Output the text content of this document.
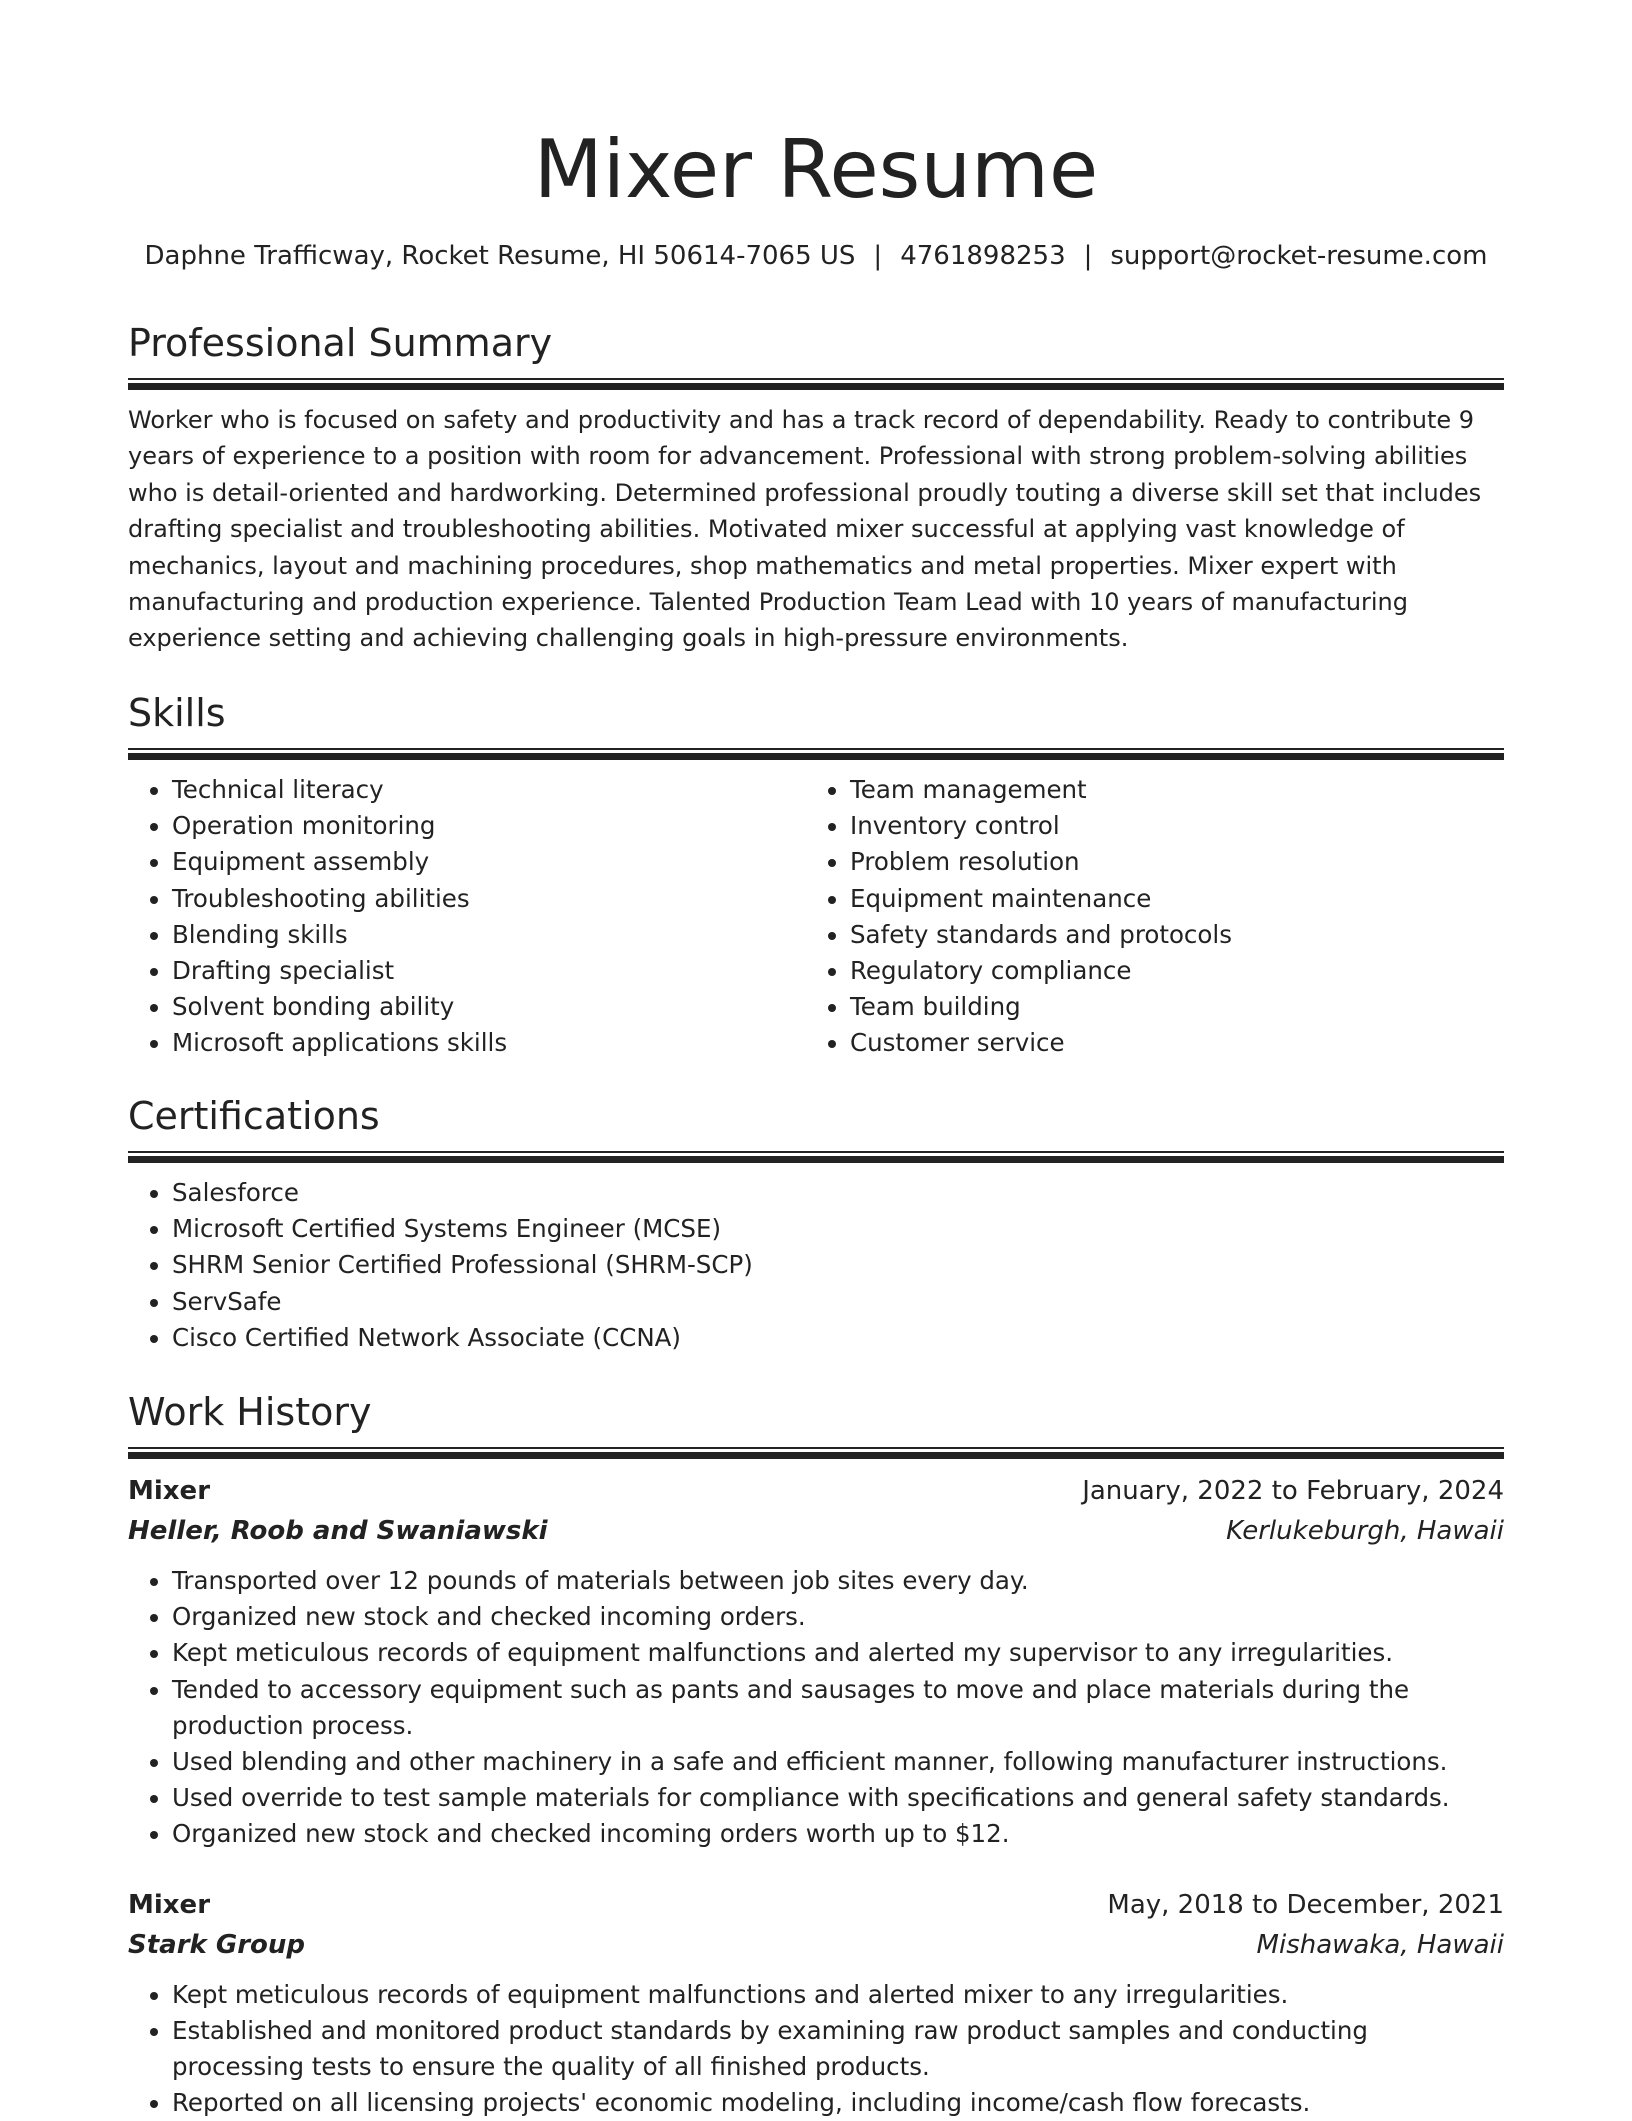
Mixer Resume
Daphne Trafficway, Rocket Resume, HI 50614-7065 US | 4761898253 | support@rocket-resume.com
Professional Summary

Worker who is focused on safety and productivity and has a track record of dependability. Ready to contribute 9 years of experience to a position with room for advancement. Professional with strong problem-solving abilities who is detail-oriented and hardworking. Determined professional proudly touting a diverse skill set that includes drafting specialist and troubleshooting abilities. Motivated mixer successful at applying vast knowledge of mechanics, layout and machining procedures, shop mathematics and metal properties. Mixer expert with manufacturing and production experience. Talented Production Team Lead with 10 years of manufacturing experience setting and achieving challenging goals in high-pressure environments.

Skills
• Technical literacy
• Operation monitoring
• Equipment assembly
• Troubleshooting abilities
• Blending skills
• Drafting specialist
• Solvent bonding ability
• Microsoft applications skills
• Team management
• Inventory control
• Problem resolution
• Equipment maintenance
• Safety standards and protocols
• Regulatory compliance
• Team building
• Customer service
Certifications
• Salesforce
• Microsoft Certified Systems Engineer (MCSE)
• SHRM Senior Certified Professional (SHRM-SCP)
• ServSafe
• Cisco Certified Network Associate (CCNA)
Work History
Mixer	January, 2022 to February, 2024
Heller, Roob and Swaniawski	Kerlukeburgh, Hawaii
• Transported over 12 pounds of materials between job sites every day.
• Organized new stock and checked incoming orders.
• Kept meticulous records of equipment malfunctions and alerted my supervisor to any irregularities.
• Tended to accessory equipment such as pants and sausages to move and place materials during the production process.
• Used blending and other machinery in a safe and efficient manner, following manufacturer instructions.
• Used override to test sample materials for compliance with specifications and general safety standards.
• Organized new stock and checked incoming orders worth up to $12.
Mixer	May, 2018 to December, 2021
Stark Group	Mishawaka, Hawaii
• Kept meticulous records of equipment malfunctions and alerted mixer to any irregularities.
• Established and monitored product standards by examining raw product samples and conducting processing tests to ensure the quality of all finished products.
• Reported on all licensing projects' economic modeling, including income/cash flow forecasts.
